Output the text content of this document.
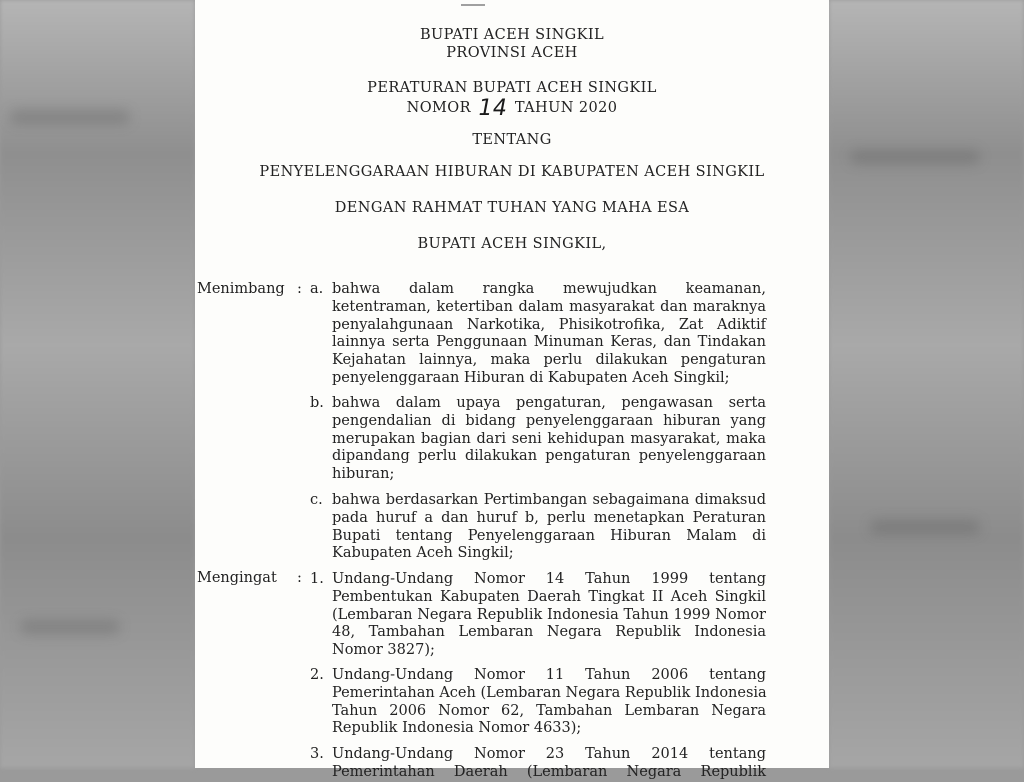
BUPATI ACEH SINGKIL
PROVINSI ACEH
PERATURAN BUPATI ACEH SINGKIL
NOMOR 14 TAHUN 2020
TENTANG
PENYELENGGARAAN HIBURAN DI KABUPATEN ACEH SINGKIL
DENGAN RAHMAT TUHAN YANG MAHA ESA
BUPATI ACEH SINGKIL,
Menimbang : a. bahwa dalam rangka mewujudkan keamanan,
ketentraman, ketertiban dalam masyarakat dan maraknya
penyalahgunaan Narkotika, Phisikotrofika, Zat Adiktif
lainnya serta Penggunaan Minuman Keras, dan Tindakan
Kejahatan lainnya, maka perlu dilakukan pengaturan
penyelenggaraan Hiburan di Kabupaten Aceh Singkil;
b. bahwa dalam upaya pengaturan, pengawasan serta
pengendalian di bidang penyelenggaraan hiburan yang
merupakan bagian dari seni kehidupan masyarakat, maka
dipandang perlu dilakukan pengaturan penyelenggaraan
hiburan;
c. bahwa berdasarkan Pertimbangan sebagaimana dimaksud
pada huruf a dan huruf b, perlu menetapkan Peraturan
Bupati tentang Penyelenggaraan Hiburan Malam di
Kabupaten Aceh Singkil;
Mengingat : 1. Undang-Undang Nomor 14 Tahun 1999 tentang
Pembentukan Kabupaten Daerah Tingkat II Aceh Singkil
(Lembaran Negara Republik Indonesia Tahun 1999 Nomor
48, Tambahan Lembaran Negara Republik Indonesia
Nomor 3827);
2. Undang-Undang Nomor 11 Tahun 2006 tentang
Pemerintahan Aceh (Lembaran Negara Republik Indonesia
Tahun 2006 Nomor 62, Tambahan Lembaran Negara
Republik Indonesia Nomor 4633);
3. Undang-Undang Nomor 23 Tahun 2014 tentang
Pemerintahan Daerah (Lembaran Negara Republik
